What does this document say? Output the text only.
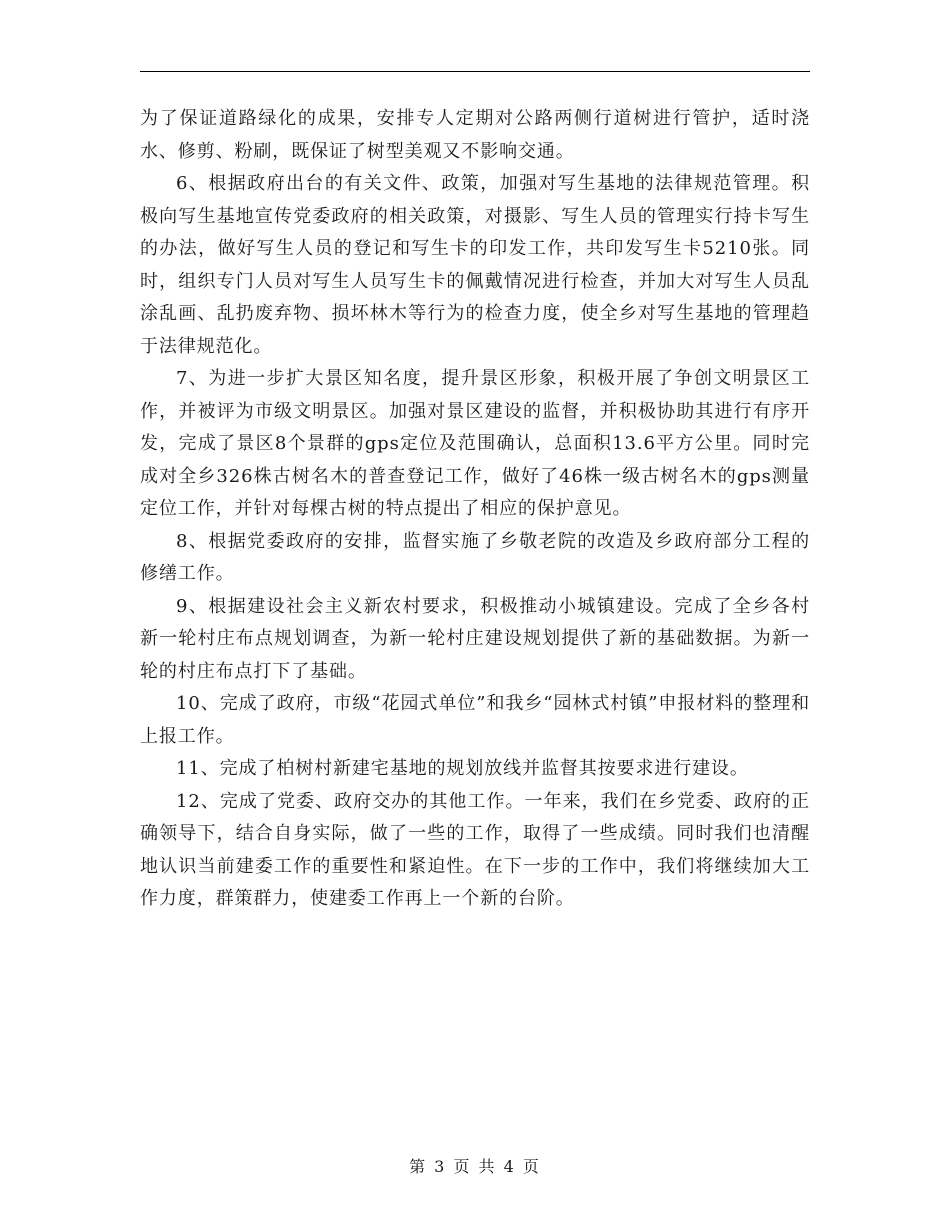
为了保证道路绿化的成果，安排专人定期对公路两侧行道树进行管护，适时浇水、修剪、粉刷，既保证了树型美观又不影响交通。

6、根据政府出台的有关文件、政策，加强对写生基地的法律规范管理。积极向写生基地宣传党委政府的相关政策，对摄影、写生人员的管理实行持卡写生的办法，做好写生人员的登记和写生卡的印发工作，共印发写生卡5210张。同时，组织专门人员对写生人员写生卡的佩戴情况进行检查，并加大对写生人员乱涂乱画、乱扔废弃物、损坏林木等行为的检查力度，使全乡对写生基地的管理趋于法律规范化。

7、为进一步扩大景区知名度，提升景区形象，积极开展了争创文明景区工作，并被评为市级文明景区。加强对景区建设的监督，并积极协助其进行有序开发，完成了景区8个景群的gps定位及范围确认，总面积13.6平方公里。同时完成对全乡326株古树名木的普查登记工作，做好了46株一级古树名木的gps测量定位工作，并针对每棵古树的特点提出了相应的保护意见。

8、根据党委政府的安排，监督实施了乡敬老院的改造及乡政府部分工程的修缮工作。

9、根据建设社会主义新农村要求，积极推动小城镇建设。完成了全乡各村新一轮村庄布点规划调查，为新一轮村庄建设规划提供了新的基础数据。为新一轮的村庄布点打下了基础。

10、完成了政府，市级“花园式单位”和我乡“园林式村镇”申报材料的整理和上报工作。

11、完成了柏树村新建宅基地的规划放线并监督其按要求进行建设。

12、完成了党委、政府交办的其他工作。一年来，我们在乡党委、政府的正确领导下，结合自身实际，做了一些的工作，取得了一些成绩。同时我们也清醒地认识当前建委工作的重要性和紧迫性。在下一步的工作中，我们将继续加大工作力度，群策群力，使建委工作再上一个新的台阶。

第 3 页 共 4 页
